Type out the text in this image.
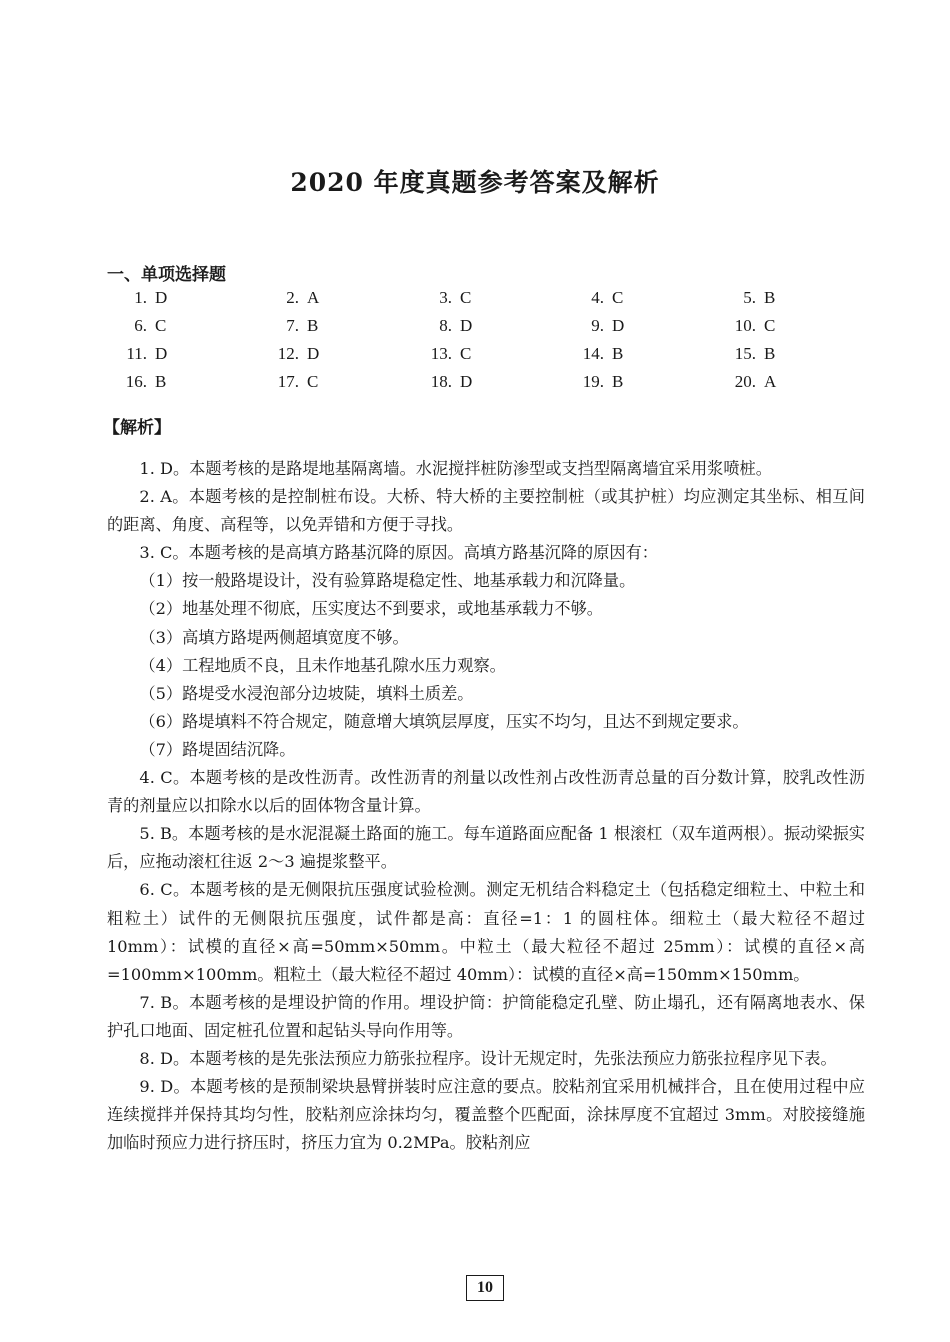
2020 年度真题参考答案及解析
一、单项选择题
1. D	2. A	3. C	4. C	5. B
6. C	7. B	8. D	9. D	10. C
11. D	12. D	13. C	14. B	15. B
16. B	17. C	18. D	19. B	20. A
【解析】

1. D。本题考核的是路堤地基隔离墙。水泥搅拌桩防渗型或支挡型隔离墙宜采用浆喷桩。

2. A。本题考核的是控制桩布设。大桥、特大桥的主要控制桩（或其护桩）均应测定其坐标、相互间的距离、角度、高程等，以免弄错和方便于寻找。

3. C。本题考核的是高填方路基沉降的原因。高填方路基沉降的原因有：

（1）按一般路堤设计，没有验算路堤稳定性、地基承载力和沉降量。

（2）地基处理不彻底，压实度达不到要求，或地基承载力不够。

（3）高填方路堤两侧超填宽度不够。

（4）工程地质不良，且未作地基孔隙水压力观察。

（5）路堤受水浸泡部分边坡陡，填料土质差。

（6）路堤填料不符合规定，随意增大填筑层厚度，压实不均匀，且达不到规定要求。

（7）路堤固结沉降。

4. C。本题考核的是改性沥青。改性沥青的剂量以改性剂占改性沥青总量的百分数计算，胶乳改性沥青的剂量应以扣除水以后的固体物含量计算。

5. B。本题考核的是水泥混凝土路面的施工。每车道路面应配备 1 根滚杠（双车道两根）。振动梁振实后，应拖动滚杠往返 2～3 遍提浆整平。

6. C。本题考核的是无侧限抗压强度试验检测。测定无机结合料稳定土（包括稳定细粒土、中粒土和粗粒土）试件的无侧限抗压强度，试件都是高：直径=1：1 的圆柱体。细粒土（最大粒径不超过 10mm）：试模的直径×高=50mm×50mm。中粒土（最大粒径不超过 25mm）：试模的直径×高=100mm×100mm。粗粒土（最大粒径不超过 40mm）：试模的直径×高=150mm×150mm。

7. B。本题考核的是埋设护筒的作用。埋设护筒：护筒能稳定孔壁、防止塌孔，还有隔离地表水、保护孔口地面、固定桩孔位置和起钻头导向作用等。

8. D。本题考核的是先张法预应力筋张拉程序。设计无规定时，先张法预应力筋张拉程序见下表。

9. D。本题考核的是预制梁块悬臂拼装时应注意的要点。胶粘剂宜采用机械拌合，且在使用过程中应连续搅拌并保持其均匀性，胶粘剂应涂抹均匀，覆盖整个匹配面，涂抹厚度不宜超过 3mm。对胶接缝施加临时预应力进行挤压时，挤压力宜为 0.2MPa。胶粘剂应

10
